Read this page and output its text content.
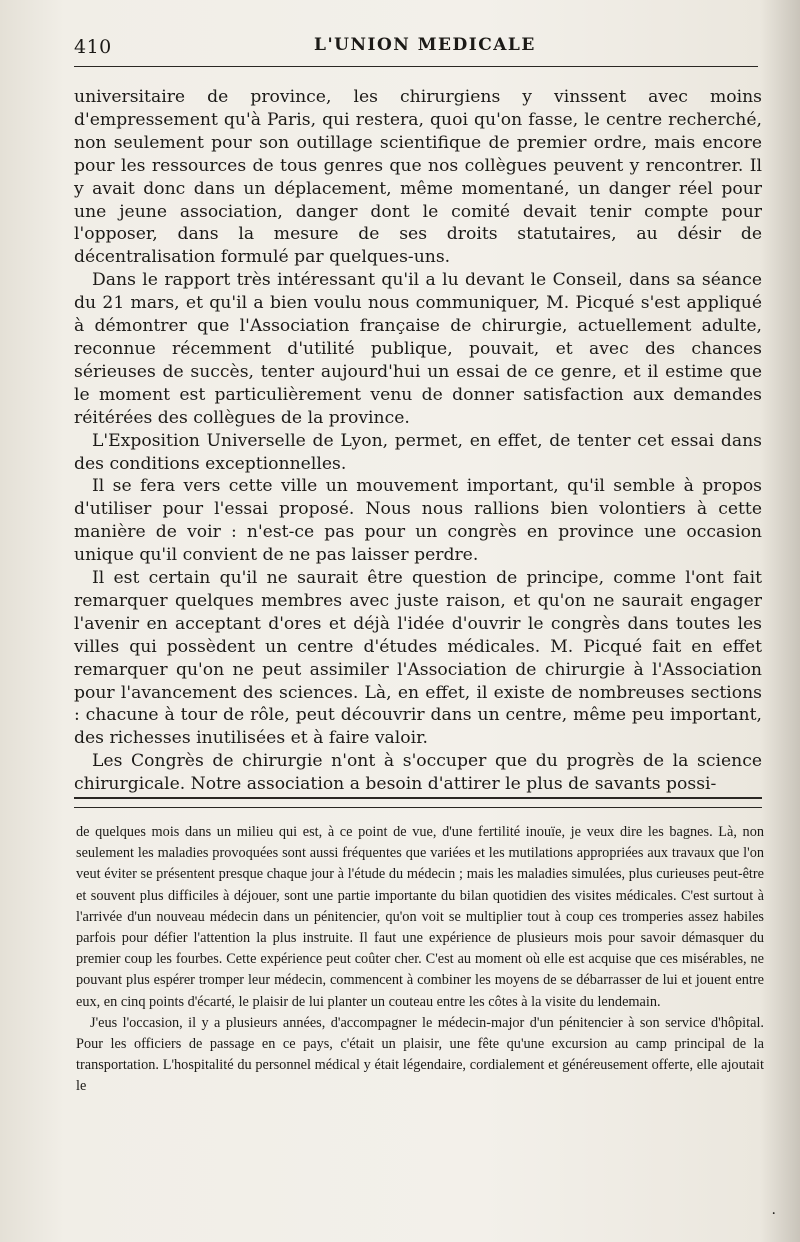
410	L'UNION MEDICALE

universitaire de province, les chirurgiens y vinssent avec moins d'empressement qu'à Paris, qui restera, quoi qu'on fasse, le centre recherché, non seulement pour son outillage scientifique de premier ordre, mais encore pour les ressources de tous genres que nos collègues peuvent y rencontrer. Il y avait donc dans un déplacement, même momentané, un danger réel pour une jeune association, danger dont le comité devait tenir compte pour l'opposer, dans la mesure de ses droits statutaires, au désir de décentralisation formulé par quelques-uns.

Dans le rapport très intéressant qu'il a lu devant le Conseil, dans sa séance du 21 mars, et qu'il a bien voulu nous communiquer, M. Picqué s'est appliqué à démontrer que l'Association française de chirurgie, actuellement adulte, reconnue récemment d'utilité publique, pouvait, et avec des chances sérieuses de succès, tenter aujourd'hui un essai de ce genre, et il estime que le moment est particulièrement venu de donner satisfaction aux demandes réitérées des collègues de la province.

L'Exposition Universelle de Lyon, permet, en effet, de tenter cet essai dans des conditions exceptionnelles.

Il se fera vers cette ville un mouvement important, qu'il semble à propos d'utiliser pour l'essai proposé. Nous nous rallions bien volontiers à cette manière de voir : n'est-ce pas pour un congrès en province une occasion unique qu'il convient de ne pas laisser perdre.

Il est certain qu'il ne saurait être question de principe, comme l'ont fait remarquer quelques membres avec juste raison, et qu'on ne saurait engager l'avenir en acceptant d'ores et déjà l'idée d'ouvrir le congrès dans toutes les villes qui possèdent un centre d'études médicales. M. Picqué fait en effet remarquer qu'on ne peut assimiler l'Association de chirurgie à l'Association pour l'avancement des sciences. Là, en effet, il existe de nombreuses sections : chacune à tour de rôle, peut découvrir dans un centre, même peu important, des richesses inutilisées et à faire valoir.

Les Congrès de chirurgie n'ont à s'occuper que du progrès de la science chirurgicale. Notre association a besoin d'attirer le plus de savants possi-

de quelques mois dans un milieu qui est, à ce point de vue, d'une fertilité inouïe, je veux dire les bagnes. Là, non seulement les maladies provoquées sont aussi fréquentes que variées et les mutilations appropriées aux travaux que l'on veut éviter se présentent presque chaque jour à l'étude du médecin ; mais les maladies simulées, plus curieuses peut-être et souvent plus difficiles à déjouer, sont une partie importante du bilan quotidien des visites médicales. C'est surtout à l'arrivée d'un nouveau médecin dans un pénitencier, qu'on voit se multiplier tout à coup ces tromperies assez habiles parfois pour défier l'attention la plus instruite. Il faut une expérience de plusieurs mois pour savoir démasquer du premier coup les fourbes. Cette expérience peut coûter cher. C'est au moment où elle est acquise que ces misérables, ne pouvant plus espérer tromper leur médecin, commencent à combiner les moyens de se débarrasser de lui et jouent entre eux, en cinq points d'écarté, le plaisir de lui planter un couteau entre les côtes à la visite du lendemain.

J'eus l'occasion, il y a plusieurs années, d'accompagner le médecin-major d'un pénitencier à son service d'hôpital. Pour les officiers de passage en ce pays, c'était un plaisir, une fête qu'une excursion au camp principal de la transportation. L'hospitalité du personnel médical y était légendaire, cordialement et généreusement offerte, elle ajoutait le

.
